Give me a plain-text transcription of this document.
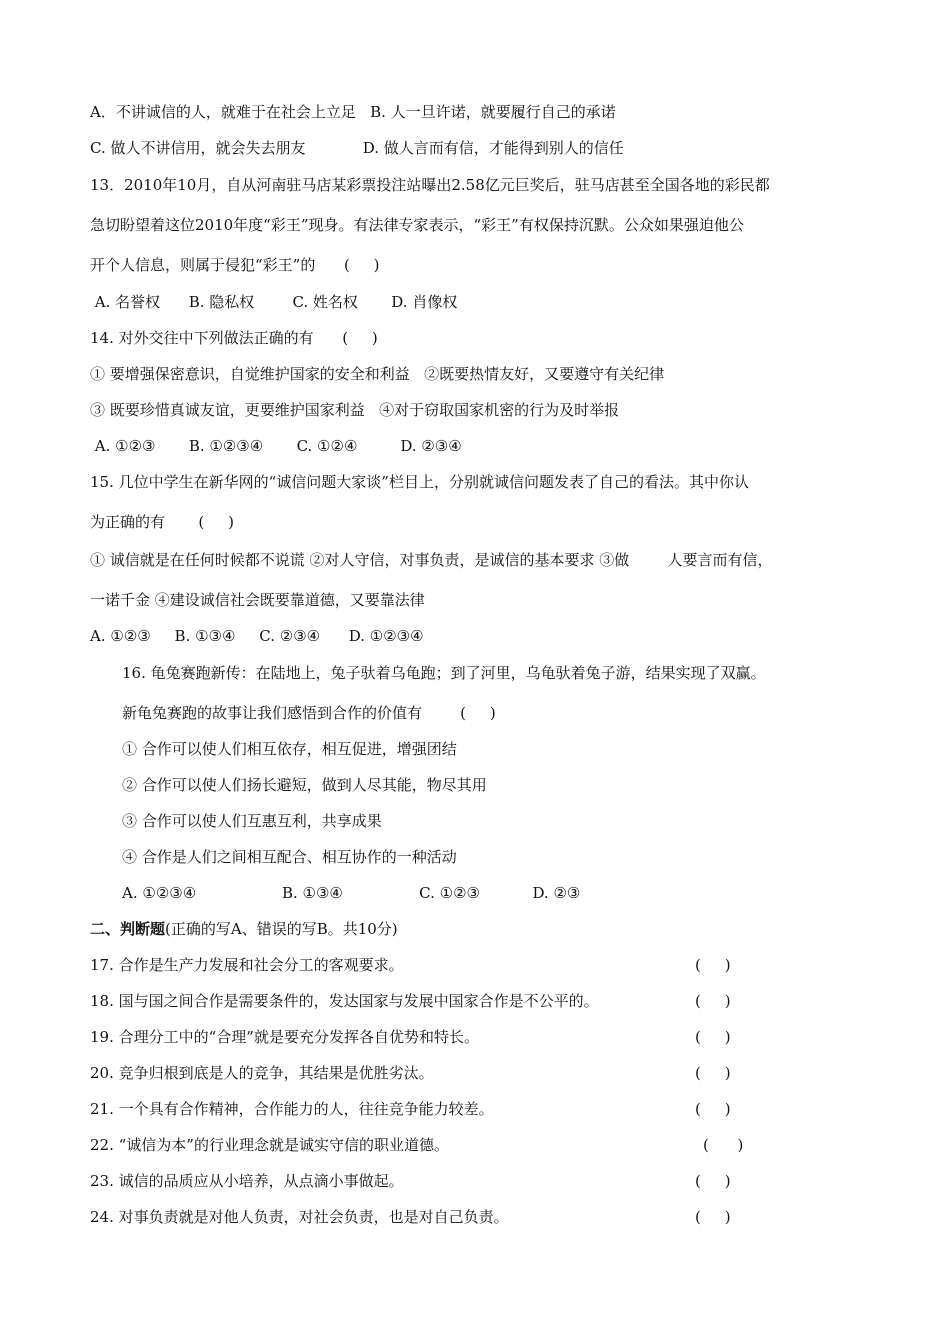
A．不讲诚信的人，就难于在社会上立足   B. 人一旦许诺，就要履行自己的承诺
C. 做人不讲信用，就会失去朋友            D. 做人言而有信，才能得到别人的信任
13．2010年10月，自从河南驻马店某彩票投注站曝出2.58亿元巨奖后，驻马店甚至全国各地的彩民都
急切盼望着这位2010年度“彩王”现身。有法律专家表示，“彩王”有权保持沉默。公众如果强迫他公
开个人信息，则属于侵犯“彩王”的      (     )
A. 名誉权      B. 隐私权        C. 姓名权       D. 肖像权
14. 对外交往中下列做法正确的有      (     )
① 要增强保密意识，自觉维护国家的安全和利益   ②既要热情友好，又要遵守有关纪律
③ 既要珍惜真诚友谊，更要维护国家利益   ④对于窃取国家机密的行为及时举报
A. ①②③       B. ①②③④       C. ①②④         D. ②③④
15. 几位中学生在新华网的“诚信问题大家谈”栏目上，分别就诚信问题发表了自己的看法。其中你认
为正确的有       (     )
① 诚信就是在任何时候都不说谎 ②对人守信，对事负责，是诚信的基本要求 ③做        人要言而有信，
一诺千金 ④建设诚信社会既要靠道德，又要靠法律
A. ①②③     B. ①③④     C. ②③④      D. ①②③④
16. 龟兔赛跑新传：在陆地上，兔子驮着乌龟跑；到了河里，乌龟驮着兔子游，结果实现了双赢。
新龟兔赛跑的故事让我们感悟到合作的价值有        (     )
① 合作可以使人们相互依存，相互促进，增强团结
② 合作可以使人们扬长避短，做到人尽其能，物尽其用
③ 合作可以使人们互惠互利，共享成果
④ 合作是人们之间相互配合、相互协作的一种活动
A. ①②③④                  B. ①③④                C. ①②③           D. ②③
二、判断题(正确的写A、错误的写B。共10分)
17. 合作是生产力发展和社会分工的客观要求。	(     )
18. 国与国之间合作是需要条件的，发达国家与发展中国家合作是不公平的。	(     )
19. 合理分工中的“合理”就是要充分发挥各自优势和特长。	(     )
20. 竞争归根到底是人的竞争，其结果是优胜劣汰。	(     )
21. 一个具有合作精神，合作能力的人，往往竞争能力较差。	(     )
22. “诚信为本”的行业理念就是诚实守信的职业道德。	(      )
23. 诚信的品质应从小培养，从点滴小事做起。	(     )
24. 对事负责就是对他人负责，对社会负责，也是对自己负责。	(     )
